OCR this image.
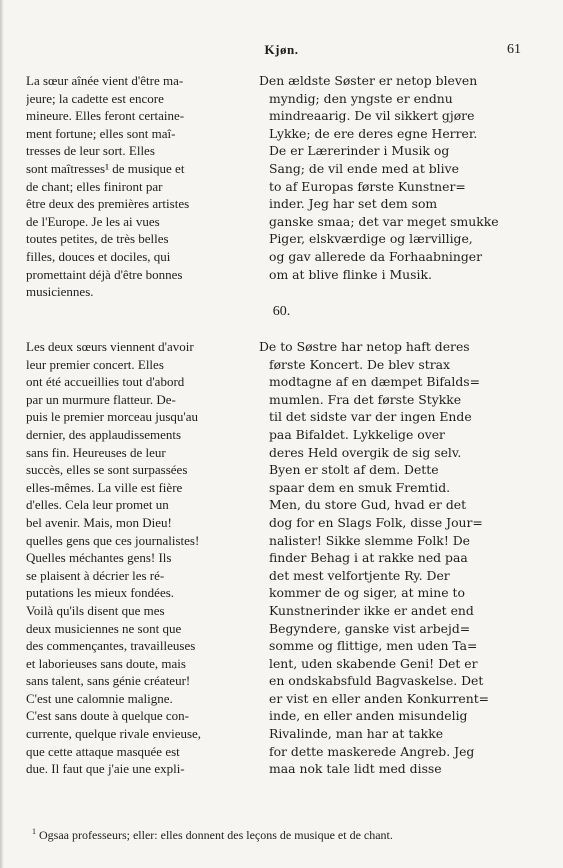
Kjøn.	61
La sœur aînée vient d'être ma-
jeure; la cadette est encore
mineure. Elles feront certaine-
ment fortune; elles sont maî-
tresses de leur sort. Elles
sont maîtresses¹ de musique et
de chant; elles finiront par
être deux des premières artistes
de l'Europe. Je les ai vues
toutes petites, de très belles
filles, douces et dociles, qui
promettaint déjà d'être bonnes
musiciennes.
Den ældste Søster er netop bleven
myndig; den yngste er endnu
mindreaarig. De vil sikkert gjøre
Lykke; de ere deres egne Herrer.
De er Lærerinder i Musik og
Sang; de vil ende med at blive
to af Europas første Kunstner=
inder. Jeg har set dem som
ganske smaa; det var meget smukke
Piger, elskværdige og lærvillige,
og gav allerede da Forhaabninger
om at blive flinke i Musik.
60.
Les deux sœurs viennent d'avoir
leur premier concert. Elles
ont été accueillies tout d'abord
par un murmure flatteur. De-
puis le premier morceau jusqu'au
dernier, des applaudissements
sans fin. Heureuses de leur
succès, elles se sont surpassées
elles-mêmes. La ville est fière
d'elles. Cela leur promet un
bel avenir. Mais, mon Dieu!
quelles gens que ces journalistes!
Quelles méchantes gens! Ils
se plaisent à décrier les ré-
putations les mieux fondées.
Voilà qu'ils disent que mes
deux musiciennes ne sont que
des commençantes, travailleuses
et laborieuses sans doute, mais
sans talent, sans génie créateur!
C'est une calomnie maligne.
C'est sans doute à quelque con-
currente, quelque rivale envieuse,
que cette attaque masquée est
due. Il faut que j'aie une expli-
De to Søstre har netop haft deres
første Koncert. De blev strax
modtagne af en dæmpet Bifalds=
mumlen. Fra det første Stykke
til det sidste var der ingen Ende
paa Bifaldet. Lykkelige over
deres Held overgik de sig selv.
Byen er stolt af dem. Dette
spaar dem en smuk Fremtid.
Men, du store Gud, hvad er det
dog for en Slags Folk, disse Jour=
nalister! Sikke slemme Folk! De
finder Behag i at rakke ned paa
det mest velfortjente Ry. Der
kommer de og siger, at mine to
Kunstnerinder ikke er andet end
Begyndere, ganske vist arbejd=
somme og flittige, men uden Ta=
lent, uden skabende Geni! Det er
en ondskabsfuld Bagvaskelse. Det
er vist en eller anden Konkurrent=
inde, en eller anden misundelig
Rivalinde, man har at takke
for dette maskerede Angreb. Jeg
maa nok tale lidt med disse
$^1$ Ogsaa professeurs; eller: elles donnent des leçons de musique et de chant.
